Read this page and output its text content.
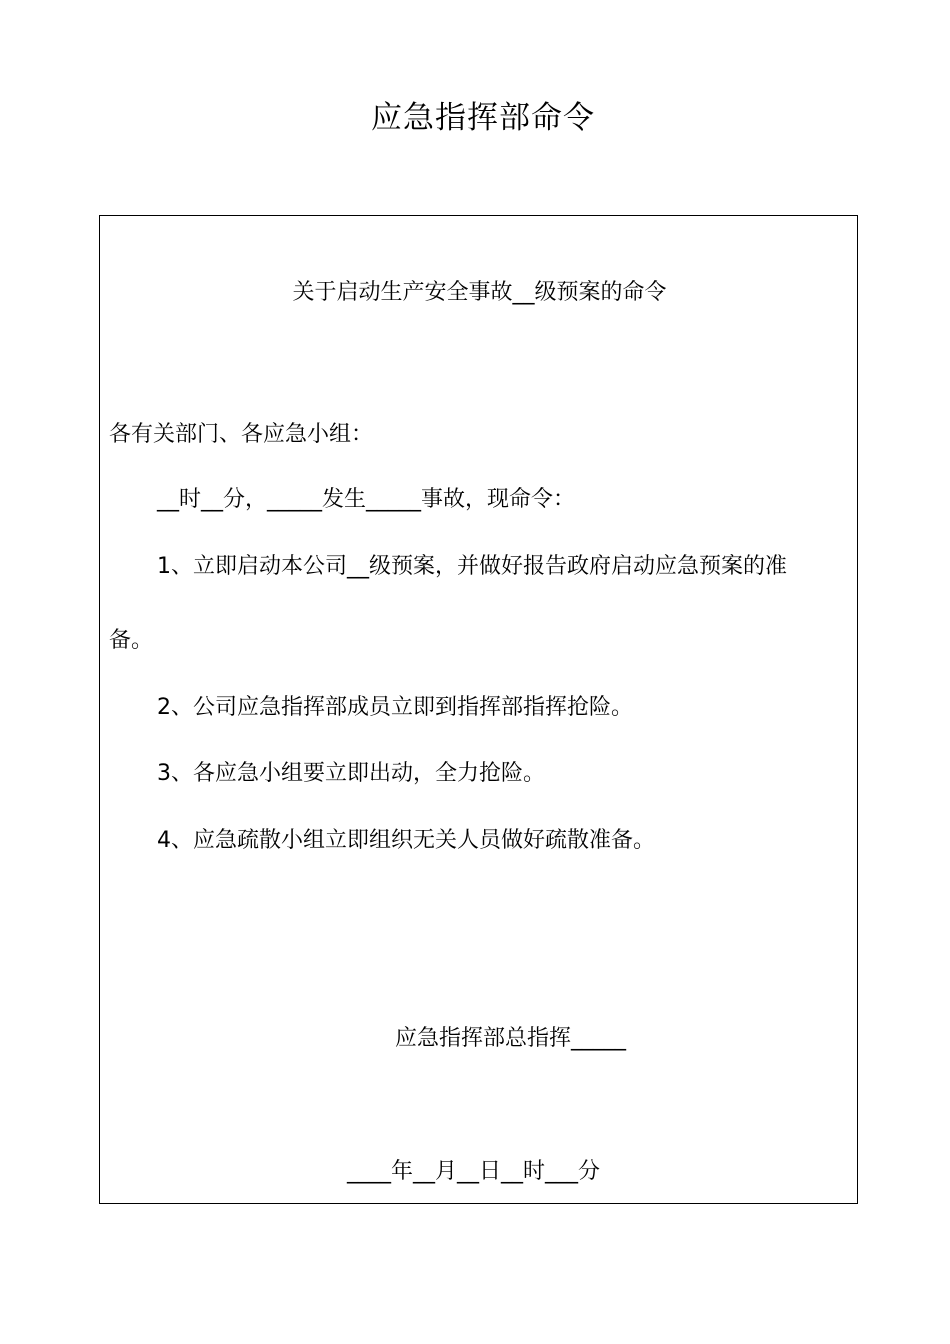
应急指挥部命令
关于启动生产安全事故__级预案的命令
各有关部门、各应急小组：
__时__分，_____发生_____事故，现命令：
1、立即启动本公司__级预案，并做好报告政府启动应急预案的准
备。
2、公司应急指挥部成员立即到指挥部指挥抢险。
3、各应急小组要立即出动，全力抢险。
4、应急疏散小组立即组织无关人员做好疏散准备。
应急指挥部总指挥_____
____年__月__日__时___分
